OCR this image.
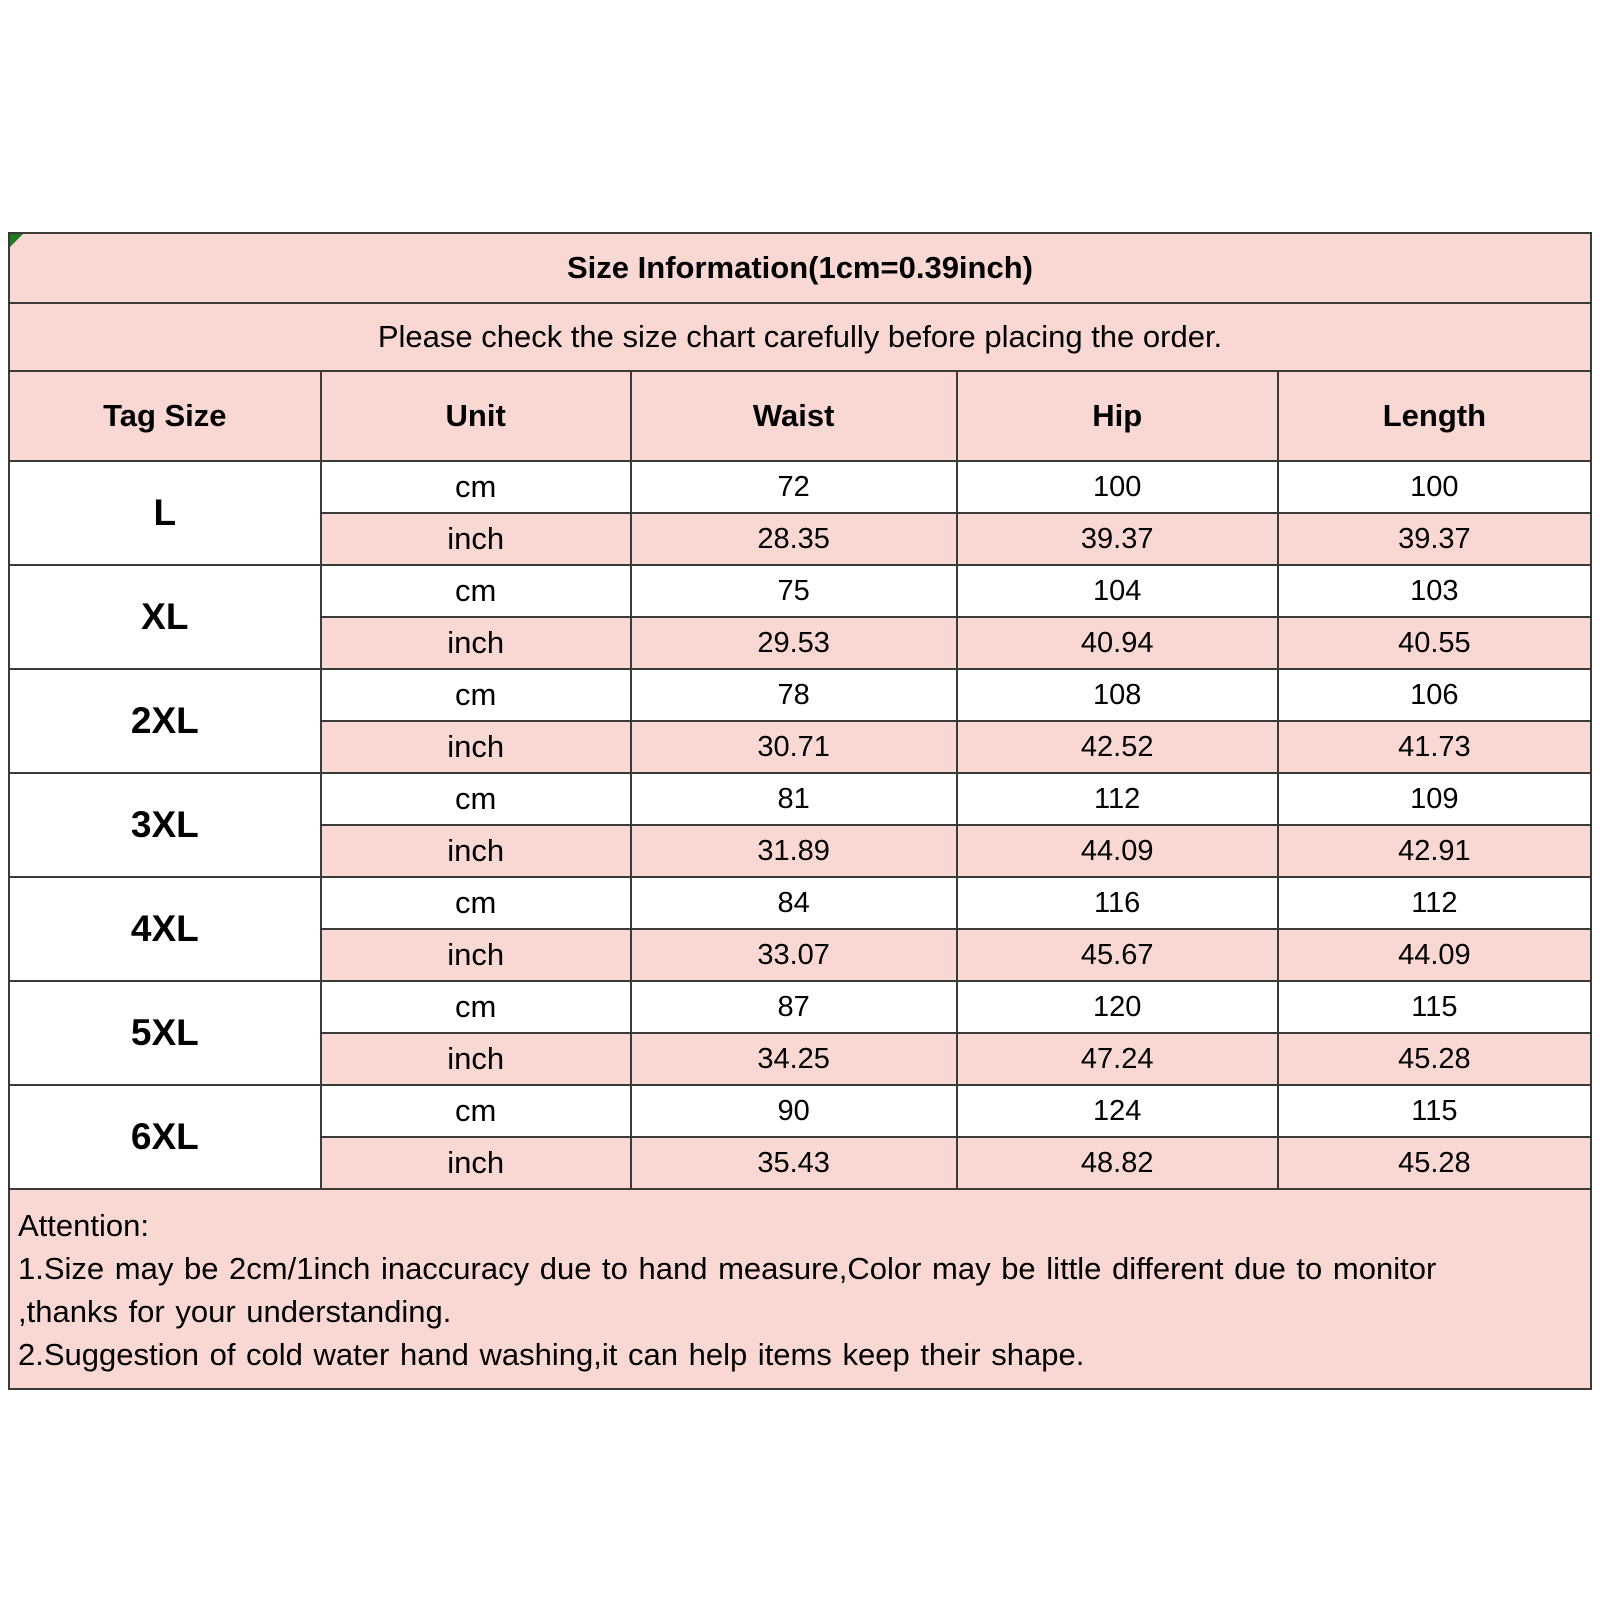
Size Information(1cm=0.39inch)				
Please check the size chart carefully before placing the order.				
Tag Size	Unit	Waist	Hip	Length
L	cm	72	100	100
	inch	28.35	39.37	39.37
XL	cm	75	104	103
	inch	29.53	40.94	40.55
2XL	cm	78	108	106
	inch	30.71	42.52	41.73
3XL	cm	81	112	109
	inch	31.89	44.09	42.91
4XL	cm	84	116	112
	inch	33.07	45.67	44.09
5XL	cm	87	120	115
	inch	34.25	47.24	45.28
6XL	cm	90	124	115
	inch	35.43	48.82	45.28
Attention:
1.Size may be 2cm/1inch inaccuracy due to hand measure,Color may be little different due to monitor
,thanks for your understanding.
2.Suggestion of cold water hand washing,it can help items keep their shape.
